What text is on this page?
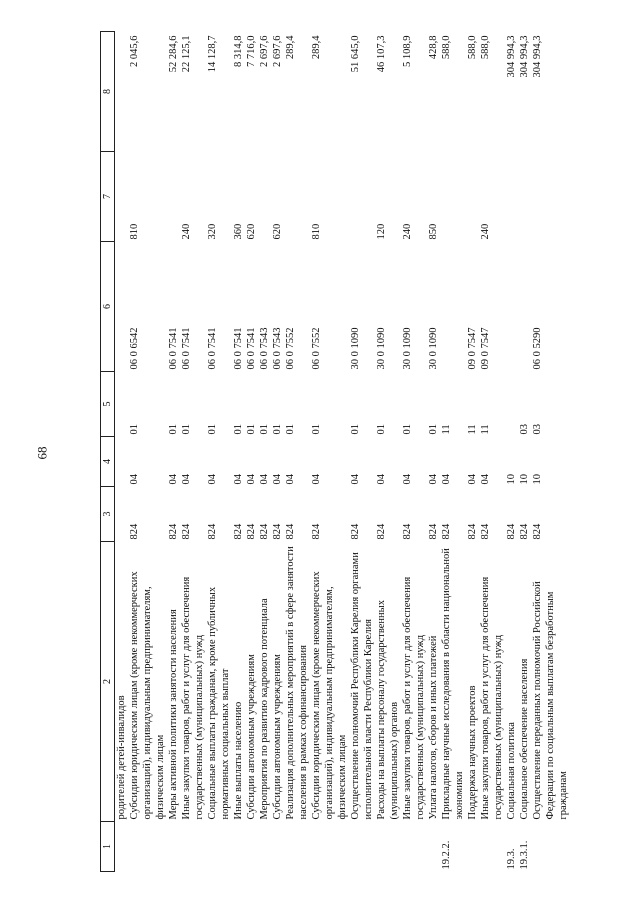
68
1	2	3	4	5	6	7	8
	родителей детей-инвалидов						
	Субсидии юридическим лицам (кроме некоммерческих организаций), индивидуальным предпринимателям, физическим лицам	824	04	01	06 0 6542	810	2 045,6
	Меры активной политики занятости населения	824	04	01	06 0 7541		52 284,6
	Иные закупки товаров, работ и услуг для обеспечения государственных (муниципальных) нужд	824	04	01	06 0 7541	240	22 125,1
	Социальные выплаты гражданам, кроме публичных нормативных социальных выплат	824	04	01	06 0 7541	320	14 128,7
	Иные выплаты населению	824	04	01	06 0 7541	360	8 314,8
	Субсидии автономным учреждениям	824	04	01	06 0 7541	620	7 716,0
	Мероприятия по развитию кадрового потенциала	824	04	01	06 0 7543		2 697,6
	Субсидии автономным учреждениям	824	04	01	06 0 7543	620	2 697,6
	Реализация дополнительных мероприятий в сфере занятости населения в рамках софинансирования	824	04	01	06 0 7552		289,4
	Субсидии юридическим лицам (кроме некоммерческих организаций), индивидуальным предпринимателям, физическим лицам	824	04	01	06 0 7552	810	289,4
	Осуществление полномочий Республики Карелия органами исполнительной власти Республики Карелия	824	04	01	30 0 1090		51 645,0
	Расходы на выплаты персоналу государственных (муниципальных) органов	824	04	01	30 0 1090	120	46 107,3
	Иные закупки товаров, работ и услуг для обеспечения государственных (муниципальных) нужд	824	04	01	30 0 1090	240	5 108,9
	Уплата налогов, сборов и иных платежей	824	04	01	30 0 1090	850	428,8
19.2.2.	Прикладные научные исследования в области национальной экономики	824	04	11			588,0
	Поддержка научных проектов	824	04	11	09 0 7547		588,0
	Иные закупки товаров, работ и услуг для обеспечения государственных (муниципальных) нужд	824	04	11	09 0 7547	240	588,0
19.3.	Социальная политика	824	10				304 994,3
19.3.1.	Социальное обеспечение населения	824	10	03			304 994,3
	Осуществление переданных полномочий Российской Федерации по социальным выплатам безработным гражданам	824	10	03	06 0 5290		304 994,3
